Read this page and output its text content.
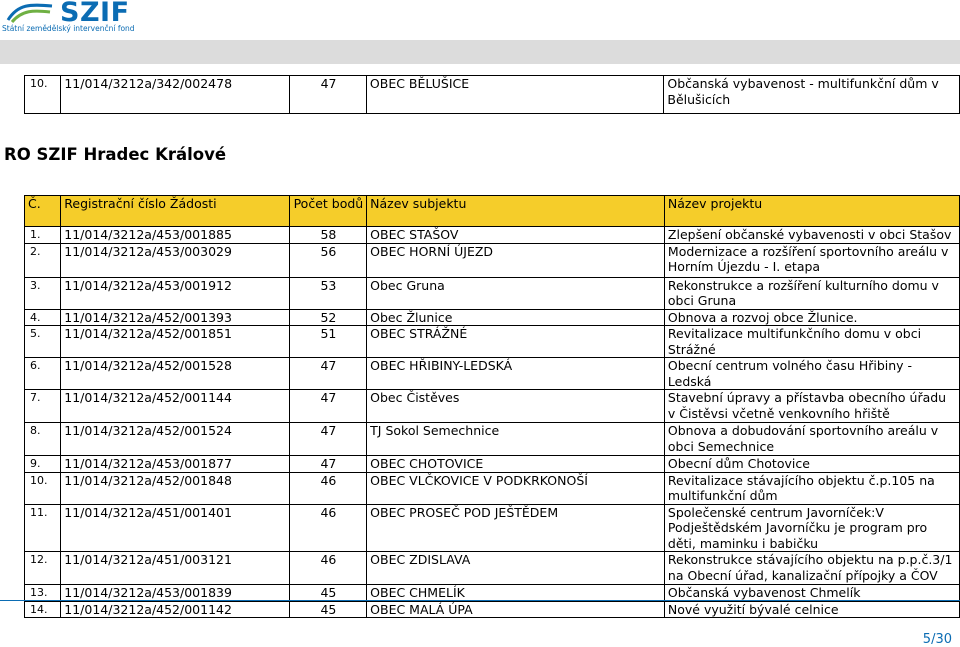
SZIF
Státní zemědělský intervenční fond
10.	11/014/3212a/342/002478	47	OBEC BĚLUŠICE	Občanská vybavenost - multifunkční dům v Bělušicích
RO SZIF Hradec Králové
Č.	Registrační číslo Žádosti	Počet bodů	Název subjektu	Název projektu
1.	11/014/3212a/453/001885	58	OBEC STAŠOV	Zlepšení občanské vybavenosti v obci Stašov
2.	11/014/3212a/453/003029	56	OBEC HORNÍ ÚJEZD	Modernizace a rozšíření sportovního areálu v Horním Újezdu - I. etapa
3.	11/014/3212a/453/001912	53	Obec Gruna	Rekonstrukce a rozšíření kulturního domu v obci Gruna
4.	11/014/3212a/452/001393	52	Obec Žlunice	Obnova a rozvoj obce Žlunice.
5.	11/014/3212a/452/001851	51	OBEC STRÁŽNÉ	Revitalizace multifunkčního domu v obci Strážné
6.	11/014/3212a/452/001528	47	OBEC HŘIBINY-LEDSKÁ	Obecní centrum volného času Hřibiny - Ledská
7.	11/014/3212a/452/001144	47	Obec Čistěves	Stavební úpravy a přístavba obecního úřadu v Čistěvsi včetně venkovního hřiště
8.	11/014/3212a/452/001524	47	TJ Sokol Semechnice	Obnova a dobudování sportovního areálu v obci Semechnice
9.	11/014/3212a/453/001877	47	OBEC CHOTOVICE	Obecní dům Chotovice
10.	11/014/3212a/452/001848	46	OBEC VLČKOVICE V PODKRKONOŠÍ	Revitalizace stávajícího objektu č.p.105 na multifunkční dům
11.	11/014/3212a/451/001401	46	OBEC PROSEČ POD JEŠTĚDEM	Společenské centrum Javorníček:V Podještědském Javorníčku je program pro děti, maminku i babičku
12.	11/014/3212a/451/003121	46	OBEC ZDISLAVA	Rekonstrukce stávajícího objektu na p.p.č.3/1 na Obecní úřad, kanalizační přípojky a ČOV
13.	11/014/3212a/453/001839	45	OBEC CHMELÍK	Občanská vybavenost Chmelík
14.	11/014/3212a/452/001142	45	OBEC MALÁ ÚPA	Nové využití bývalé celnice
5/30
